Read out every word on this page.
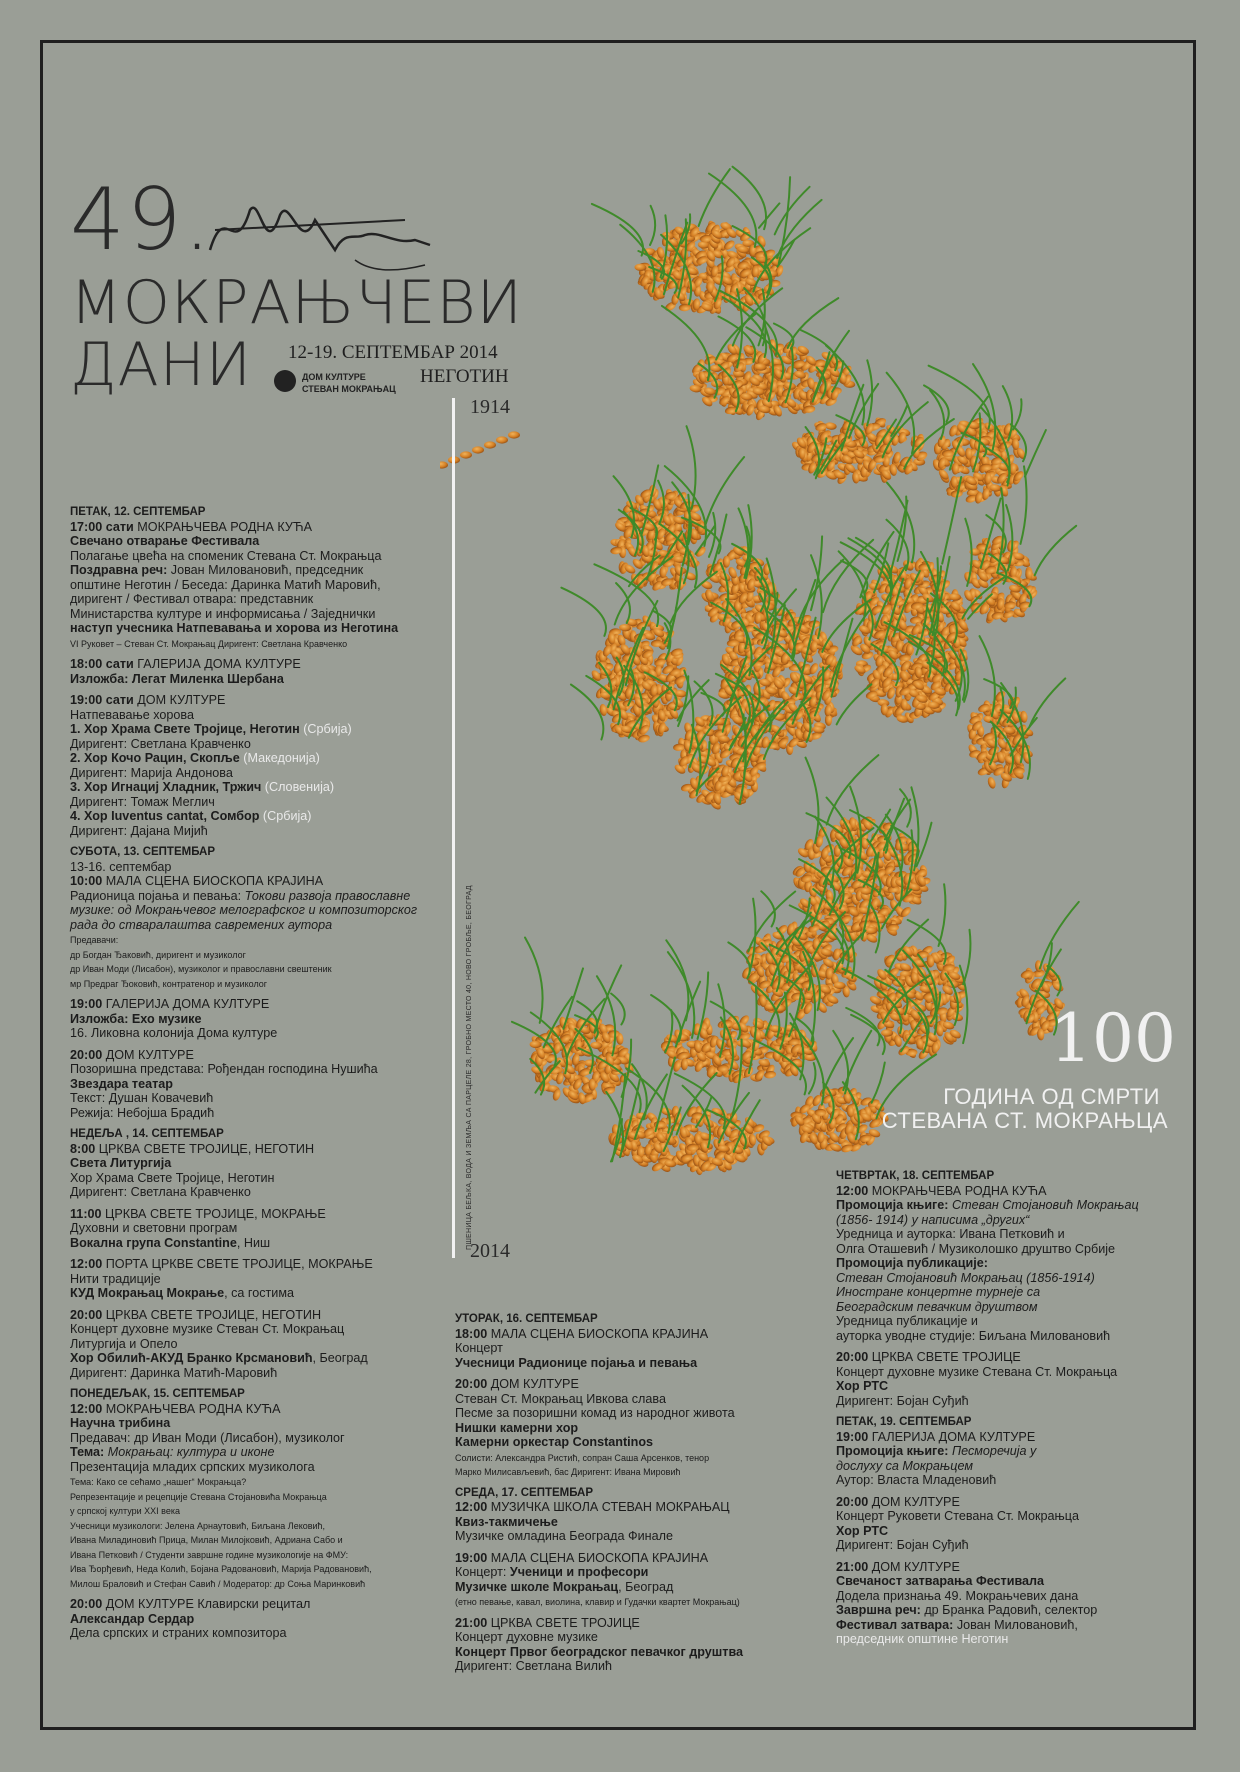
49.
МОКРАЊЧЕВИ
ДАНИ 12-19. СЕПТЕМБАР 2014
ДОМ КУЛТУРЕ
СТЕВАН МОКРАЊАЦ
НЕГОТИН
1914
2014
ПШЕНИЦА БЕЉКА, ВОДА И ЗЕМЉА СА ПАРЦЕЛЕ 28, ГРОБНО МЕСТО 40, НОВО ГРОБЉЕ, БЕОГРАД	100
ГОДИНА ОД СМРТИ
СТЕВАНА СТ. МОКРАЊЦА
ПЕТАК, 12. СЕПТЕМБАР
17:00 сати МОКРАЊЧЕВА РОДНА КУЋА
Свечано отварање Фестивала
Полагање цвећа на споменик Стевана Ст. Мокрањца
Поздравна реч: Јован Миловановић, председник
општине Неготин / Беседа: Даринка Матић Маровић,
диригент / Фестивал отвара: представник
Министарства културе и информисања / Заједнички
наступ учесника Натпевавања и хорова из Неготина
VI Руковет – Стеван Ст. Мокрањац Диригент: Светлана Кравченко
18:00 сати ГАЛЕРИЈА ДОМА КУЛТУРЕ
Изложба: Легат Миленка Шербана
19:00 сати ДОМ КУЛТУРЕ
Натпевавање хорова
1. Хор Храма Свете Тројице, Неготин (Србија)
Диригент: Светлана Кравченко
2. Хор Кочо Рацин, Скопље (Македонија)
Диригент: Марија Андонова
3. Хор Игнациј Хладник, Тржич (Словенија)
Диригент: Томаж Меглич
4. Хор Iuventus cantat, Сомбор (Србија)
Диригент: Дајана Мијић
СУБОТА, 13. СЕПТЕМБАР
13-16. септембар
10:00 МАЛА СЦЕНА БИОСКОПА КРАЈИНА
Радионица појања и певања: Токови развоја православне
музике: од Мокрањчевог мелографског и композиторског
рада до стваралаштва савремених аутора
Предавачи:
др Богдан Ђаковић, диригент и музиколог
др Иван Моди (Лисабон), музиколог и православни свештеник
мр Предраг Ђоковић, контратенор и музиколог
19:00 ГАЛЕРИЈА ДОМА КУЛТУРЕ
Изложба: Ехо музике
16. Ликовна колонија Дома културе
20:00 ДОМ КУЛТУРЕ
Позоришна представа: Рођендан господина Нушића
Звездара театар
Текст: Душан Ковачевић
Режија: Небојша Брадић
НЕДЕЉА , 14. СЕПТЕМБАР
8:00 ЦРКВА СВЕТЕ ТРОЈИЦЕ, НЕГОТИН
Света Литургија
Хор Храма Свете Тројице, Неготин
Диригент: Светлана Кравченко
11:00 ЦРКВА СВЕТЕ ТРОЈИЦЕ, МОКРАЊЕ
Духовни и световни програм
Вокална група Constantine, Ниш
12:00 ПОРТА ЦРКВЕ СВЕТЕ ТРОЈИЦЕ, МОКРАЊЕ
Нити традиције
КУД Мокрањац Мокрање, са гостима
20:00 ЦРКВА СВЕТЕ ТРОЈИЦЕ, НЕГОТИН
Концерт духовне музике Стеван Ст. Мокрањац
Литургија и Опело
Хор Обилић-АКУД Бранко Крсмановић, Београд
Диригент: Даринка Матић-Маровић
ПОНЕДЕЉАК, 15. СЕПТЕМБАР
12:00 МОКРАЊЧЕВА РОДНА КУЋА
Научна трибина
Предавач: др Иван Моди (Лисабон), музиколог
Тема: Мокрањац: култура и иконе
Презентација младих српских музиколога
Тема: Како се сећамо „нашег“ Мокрањца?
Репрезентације и рецепције Стевана Стојановића Мокрањца
у српској култури XXI века
Учесници музикологи: Јелена Арнаутовић, Биљана Лековић,
Ивана Миладиновић Прица, Милан Милојковић, Адриана Сабо и
Ивана Петковић / Студенти завршне године музикологије на ФМУ:
Ива Ђорђевић, Неда Колић, Бојана Радовановић, Марија Радовановић,
Милош Браловић и Стефан Савић / Модератор: др Соња Маринковић
20:00 ДОМ КУЛТУРЕ Клавирски рецитал
Александар Сердар
Дела српских и страних композитора
УТОРАК, 16. СЕПТЕМБАР
18:00 МАЛА СЦЕНА БИОСКОПА КРАЈИНА
Концерт
Учесници Радионице појања и певања
20:00 ДОМ КУЛТУРЕ
Стеван Ст. Мокрањац Ивкова слава
Песме за позоришни комад из народног живота
Нишки камерни хор
Камерни оркестар Constantinos
Солисти: Александра Ристић, сопран Саша Арсенков, тенор
Марко Милисављевић, бас Диригент: Ивана Мировић
СРЕДА, 17. СЕПТЕМБАР
12:00 МУЗИЧКА ШКОЛА СТЕВАН МОКРАЊАЦ
Квиз-такмичење
Музичке омладина Београда Финале
19:00 МАЛА СЦЕНА БИОСКОПА КРАЈИНА
Концерт: Ученици и професори
Музичке школе Мокрањац, Београд
(етно певање, кавал, виолина, клавир и Гудачки квартет Мокрањац)
21:00 ЦРКВА СВЕТЕ ТРОЈИЦЕ
Концерт духовне музике
Концерт Првог београдског певачког друштва
Диригент: Светлана Вилић
ЧЕТВРТАК, 18. СЕПТЕМБАР
12:00 МОКРАЊЧЕВА РОДНА КУЋА
Промоција књиге: Стеван Стојановић Мокрањац
(1856- 1914) у написима „других“
Уредница и ауторка: Ивана Петковић и
Олга Оташевић / Музиколошко друштво Србије
Промоција публикације:
Стеван Стојановић Мокрањац (1856-1914)
Иностране концертне турнеје са
Београдским певачким друштвом
Уредница публикације и
ауторка уводне студије: Биљана Миловановић
20:00 ЦРКВА СВЕТЕ ТРОЈИЦЕ
Концерт духовне музике Стевана Ст. Мокрањца
Хор РТС
Диригент: Бојан Суђић
ПЕТАК, 19. СЕПТЕМБАР
19:00 ГАЛЕРИЈА ДОМА КУЛТУРЕ
Промоција књиге: Песморечија у
дослуху са Мокрањцем
Аутор: Власта Младеновић
20:00 ДОМ КУЛТУРЕ
Концерт Руковети Стевана Ст. Мокрањца
Хор РТС
Диригент: Бојан Суђић
21:00 ДОМ КУЛТУРЕ
Свечаност затварања Фестивала
Додела признања 49. Мокрањчевих дана
Завршна реч: др Бранка Радовић, селектор
Фестивал затвара: Јован Миловановић,
председник општине Неготин
